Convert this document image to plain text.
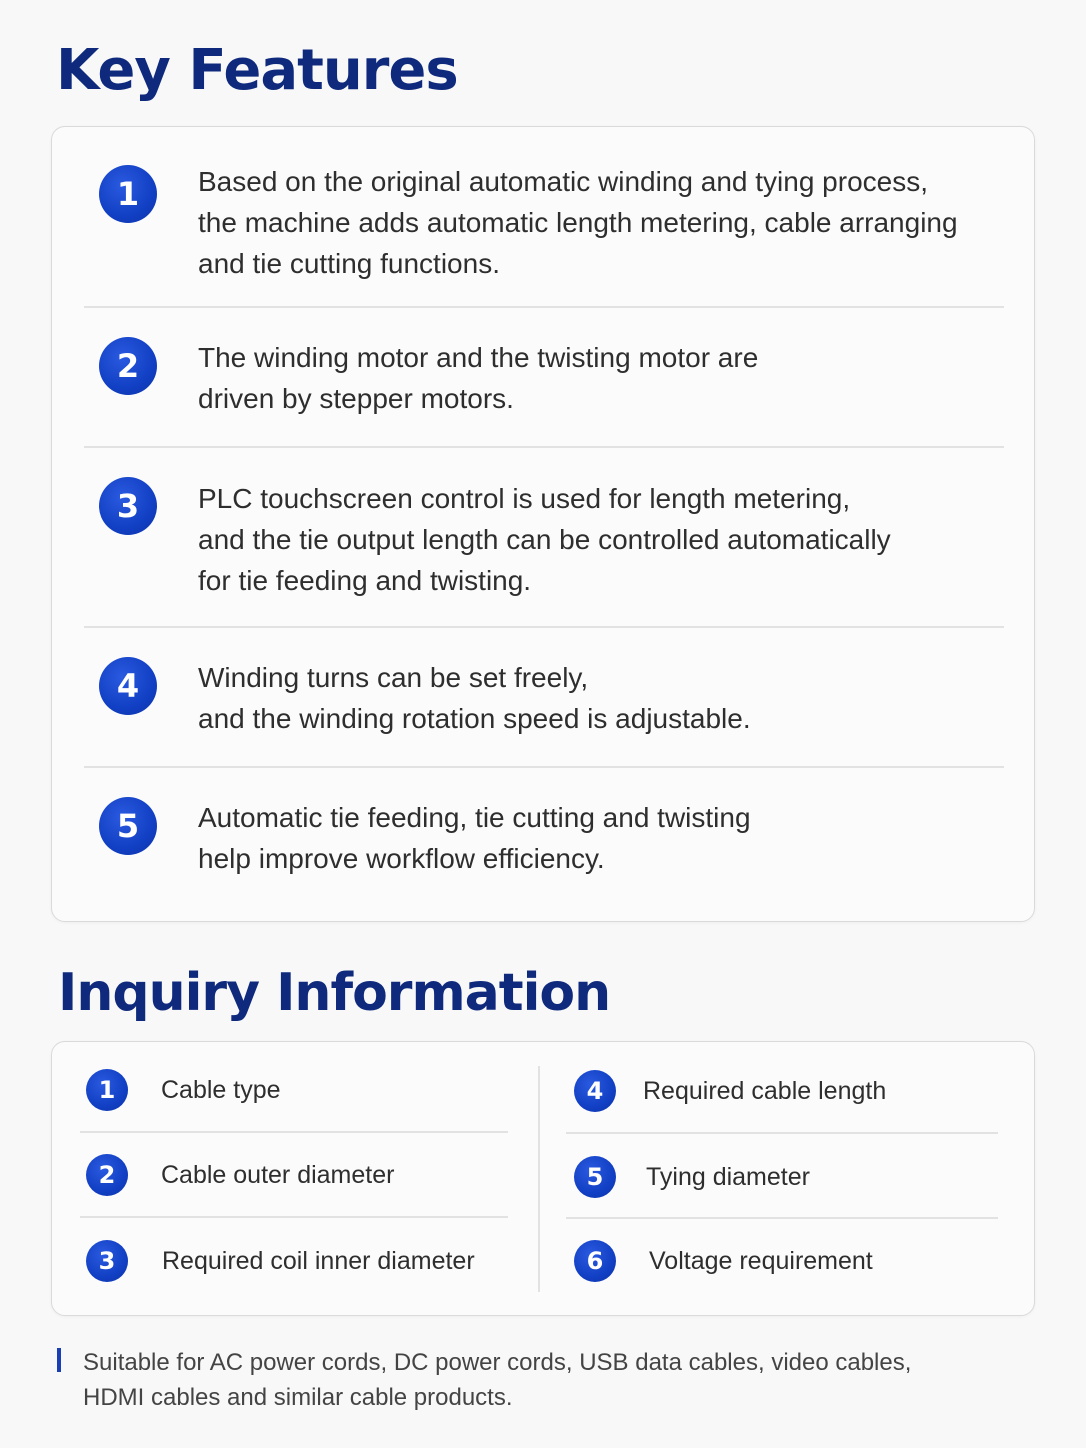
Key Features
1	Based on the original automatic winding and tying process,
the machine adds automatic length metering, cable arranging
and tie cutting functions.
2	The winding motor and the twisting motor are
driven by stepper motors.
3	PLC touchscreen control is used for length metering,
and the tie output length can be controlled automatically
for tie feeding and twisting.
4	Winding turns can be set freely,
and the winding rotation speed is adjustable.
5	Automatic tie feeding, tie cutting and twisting
help improve workflow efficiency.
Inquiry Information
1	Cable type
2	Cable outer diameter
3	Required coil inner diameter
4	Required cable length
5	Tying diameter
6	Voltage requirement
Suitable for AC power cords, DC power cords, USB data cables, video cables,
HDMI cables and similar cable products.
